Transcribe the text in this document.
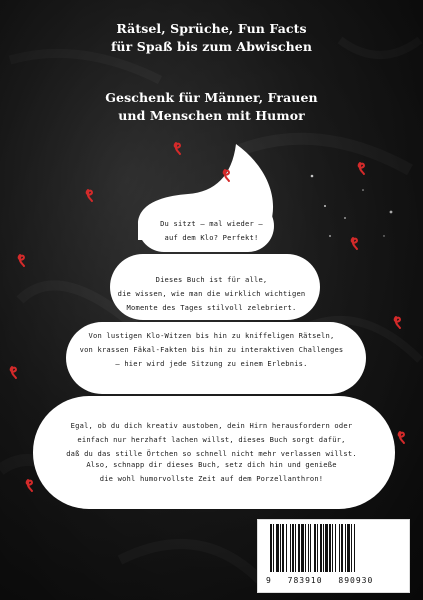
Rätsel, Sprüche, Fun Facts
für Spaß bis zum Abwischen
Geschenk für Männer, Frauen
und Menschen mit Humor
Du sitzt – mal wieder –
auf dem Klo? Perfekt!
Dieses Buch ist für alle,
die wissen, wie man die wirklich wichtigen
Momente des Tages stilvoll zelebriert.
Von lustigen Klo-Witzen bis hin zu kniffeligen Rätseln,
von krassen Fäkal-Fakten bis hin zu interaktiven Challenges
– hier wird jede Sitzung zu einem Erlebnis.
Egal, ob du dich kreativ austoben, dein Hirn herausfordern oder
einfach nur herzhaft lachen willst, dieses Buch sorgt dafür,
daß du das stille Örtchen so schnell nicht mehr verlassen willst.
Also, schnapp dir dieses Buch, setz dich hin und genieße
die wohl humorvollste Zeit auf dem Porzellanthron!
9 783910 890930
